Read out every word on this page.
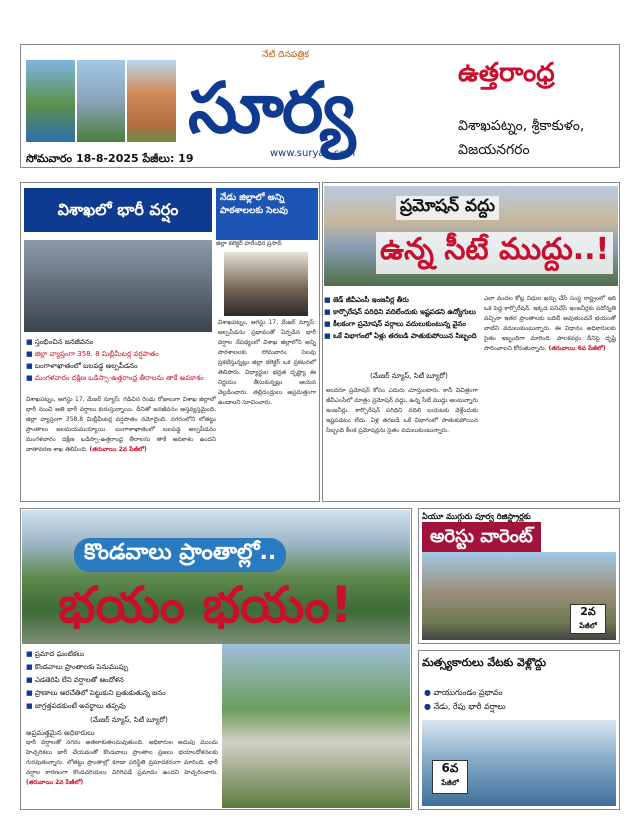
సూర్య
నేటి దినపత్రిక
www.suryaa.com
ఉత్తరాంధ్ర
విశాఖపట్నం, శ్రీకాకుళం,
విజయనగరం
సోమవారం 18-8-2025 పేజీలు: 19
విశాఖలో భారీ వర్షం
నేడు జిల్లాలో అన్ని పాఠశాలలకు సెలవు
జిల్లా కలెక్టర్ హరేంధిర ప్రసాద్
■ స్తంభించిన జనజీవనం
■ జిల్లా వ్యాప్తంగా 358. 8 మిల్లీమీటర్ల వర్షపాతం
■ బంగాళాఖాతంలో బలపడ్డ అల్పపీడనం
■ మంగళవారం దక్షిణ ఒడిస్సా-ఉత్తరాంధ్ర తీరాలను తాకే అవకాశం
విశాఖపట్నం, ఆగస్టు 17, మేజర్ న్యూస్: గడిచిన రెండు రోజులుగా విశాఖ జిల్లాలో భారీ నుంచి అతి భారీ వర్షాలు కురుస్తున్నాయి. దీనితో జనజీవనం అస్తవ్యస్తమైంది. జిల్లా వ్యాప్తంగా 358.8 మిల్లీమీటర్ల వర్షపాతం నమోదైంది. నగరంలోని లోతట్టు ప్రాంతాలు జలమయమయ్యాయి. బంగాళాఖాతంలో బలపడ్డ అల్పపీడనం మంగళవారం దక్షిణ ఒడిస్సా-ఉత్తరాంధ్ర తీరాలను తాకే అవకాశం ఉందని వాతావరణ శాఖ తెలిపింది. (తరువాయి 2వ పేజీలో)
విశాఖపట్నం, ఆగస్టు 17, మేజర్ న్యూస్: అల్పపీడనం ప్రభావంతో ఏర్పడిన భారీ వర్షాల నేపథ్యంలో విశాఖ జిల్లాలోని అన్ని పాఠశాలలకు సోమవారం సెలవు ప్రకటిస్తున్నట్లు జిల్లా కలెక్టర్ ఒక ప్రకటనలో తెలిపారు. విద్యార్థుల భద్రత దృష్ట్యా ఈ నిర్ణయం తీసుకున్నట్లు ఆయన వెల్లడించారు. తల్లిదండ్రులు అప్రమత్తంగా ఉండాలని సూచించారు.
ప్రమోషన్ వద్దు
ఉన్న సీటే ముద్దు..!
■ జెడ్ జీవీఎంసీ ఇంజనీర్ల తీరు
■ కార్పొరేషన్ పరిధిని వదిలేందుకు ఇష్టపడని ఉద్యోగులు
■ కీలకంగా ప్రమోషన్ వర్గాలు వదులుకుంటున్న వైనం
■ ఒకే విభాగంలో ఏళ్లు తరబడి పాతుకుపోయిన సిబ్బంది
(మేజర్ న్యూస్, సిటీ బ్యూరో)
అందరూ ప్రమోషన్ కోసం ఎదురు చూస్తుంటారు. కానీ విచిత్రంగా జీవీఎంసీలో మాత్రం ప్రమోషన్ వద్దు, ఉన్న సీటే ముద్దు అంటున్నారు ఇంజనీర్లు. కార్పొరేషన్ పరిధిని వదిలి బయటకు వెళ్లేందుకు ఇష్టపడటం లేదు. ఏళ్ల తరబడి ఒకే విభాగంలో పాతుకుపోయిన సిబ్బంది కీలక ప్రమోషన్లను సైతం వదులుకుంటున్నారు.
ఎలా వందల కోట్ల నిధుల ఖర్చు చేసే సంస్థ రాష్ట్రంలో ఇది ఒక పెద్ద కార్పొరేషన్. ఇక్కడ పనిచేసే ఇంజనీర్లకు పదోన్నతి వచ్చినా ఇతర ప్రాంతాలకు బదిలీ అవుతుందనే భయంతో వాటిని వదులుకుంటున్నారు. ఈ విధానం అధికారులకు సైతం ఇబ్బందిగా మారింది. పాలకవర్గం దీనిపై దృష్టి సారించాలని కోరుతున్నారు. (తరువాయి 6వ పేజీలో)
కొండవాలు ప్రాంతాల్లో..
భయం భయం!
■ ప్రమాద ఘంటికలు
■ కొండవాలు ప్రాంతాలకు పెనుముప్పు
■ ఎడతెరిపి లేని వర్షాలతో ఆందోళన
■ ప్రాణాలు అరచేతిలో పెట్టుకుని బ్రతుకుతున్న జనం
■ జాగ్రత్తపడకుంటే అనర్థాలు తప్పవు
(మేజర్ న్యూస్, సిటీ బ్యూరో)
అప్రమత్తమైన అధికారులు
భారీ వర్షాలతో నగరం అతలాకుతలమవుతుంది. అధికారుల అదుపు ముందు హెచ్చరికలు జారీ చేయడంతో కొండవాలు ప్రాంతాల ప్రజలు భయాందోళనలకు గురవుతున్నారు. లోతట్టు ప్రాంతాల్లో కూడా పరిస్థితి ప్రమాదకరంగా మారింది. భారీ వర్షాల కారణంగా కొండచరియలు విరిగిపడే ప్రమాదం ఉందని హెచ్చరించారు. (తరువాయి 2వ పేజీలో)
ఏయూ ముగ్గురు పూర్వ రిజిస్ట్రార్లకు
అరెస్టు వారెంట్
2వ
పేజీలో
మత్స్యకారులు వేటకు వెళ్లొద్దు
● వాయుగుండం ప్రభావం
● నేడు, రేపు భారీ వర్షాలు
6వ
పేజీలో
